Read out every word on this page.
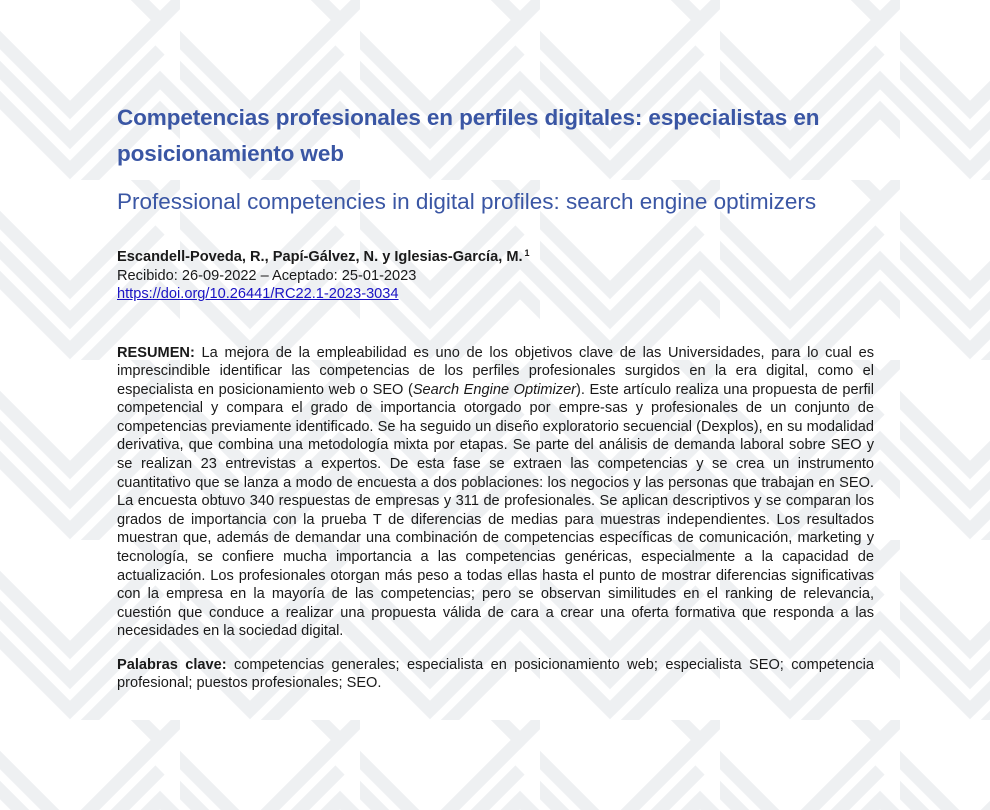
Competencias profesionales en perfiles digitales: especialistas en posicionamiento web
Professional competencies in digital profiles: search engine optimizers
Escandell-Poveda, R., Papí-Gálvez, N. y Iglesias-García, M. $^1$
Recibido: 26-09-2022 – Aceptado: 25-01-2023
https://doi.org/10.26441/RC22.1-2023-3034

RESUMEN: La mejora de la empleabilidad es uno de los objetivos clave de las Universidades, para lo cual es imprescindible identificar las competencias de los perfiles profesionales surgidos en la era digital, como el especialista en posicionamiento web o SEO (Search Engine Optimizer). Este artículo realiza una propuesta de perfil competencial y compara el grado de importancia otorgado por empre-sas y profesionales de un conjunto de competencias previamente identificado. Se ha seguido un diseño exploratorio secuencial (Dexplos), en su modalidad derivativa, que combina una metodología mixta por etapas. Se parte del análisis de demanda laboral sobre SEO y se realizan 23 entrevistas a expertos. De esta fase se extraen las competencias y se crea un instrumento cuantitativo que se lanza a modo de encuesta a dos poblaciones: los negocios y las personas que trabajan en SEO. La encuesta obtuvo 340 respuestas de empresas y 311 de profesionales. Se aplican descriptivos y se comparan los grados de importancia con la prueba T de diferencias de medias para muestras independientes. Los resultados muestran que, además de demandar una combinación de competencias específicas de comunicación, marketing y tecnología, se confiere mucha importancia a las competencias genéricas, especialmente a la capacidad de actualización. Los profesionales otorgan más peso a todas ellas hasta el punto de mostrar diferencias significativas con la empresa en la mayoría de las competencias; pero se observan similitudes en el ranking de relevancia, cuestión que conduce a realizar una propuesta válida de cara a crear una oferta formativa que responda a las necesidades en la sociedad digital.

Palabras clave: competencias generales; especialista en posicionamiento web; especialista SEO; competencia profesional; puestos profesionales; SEO.
